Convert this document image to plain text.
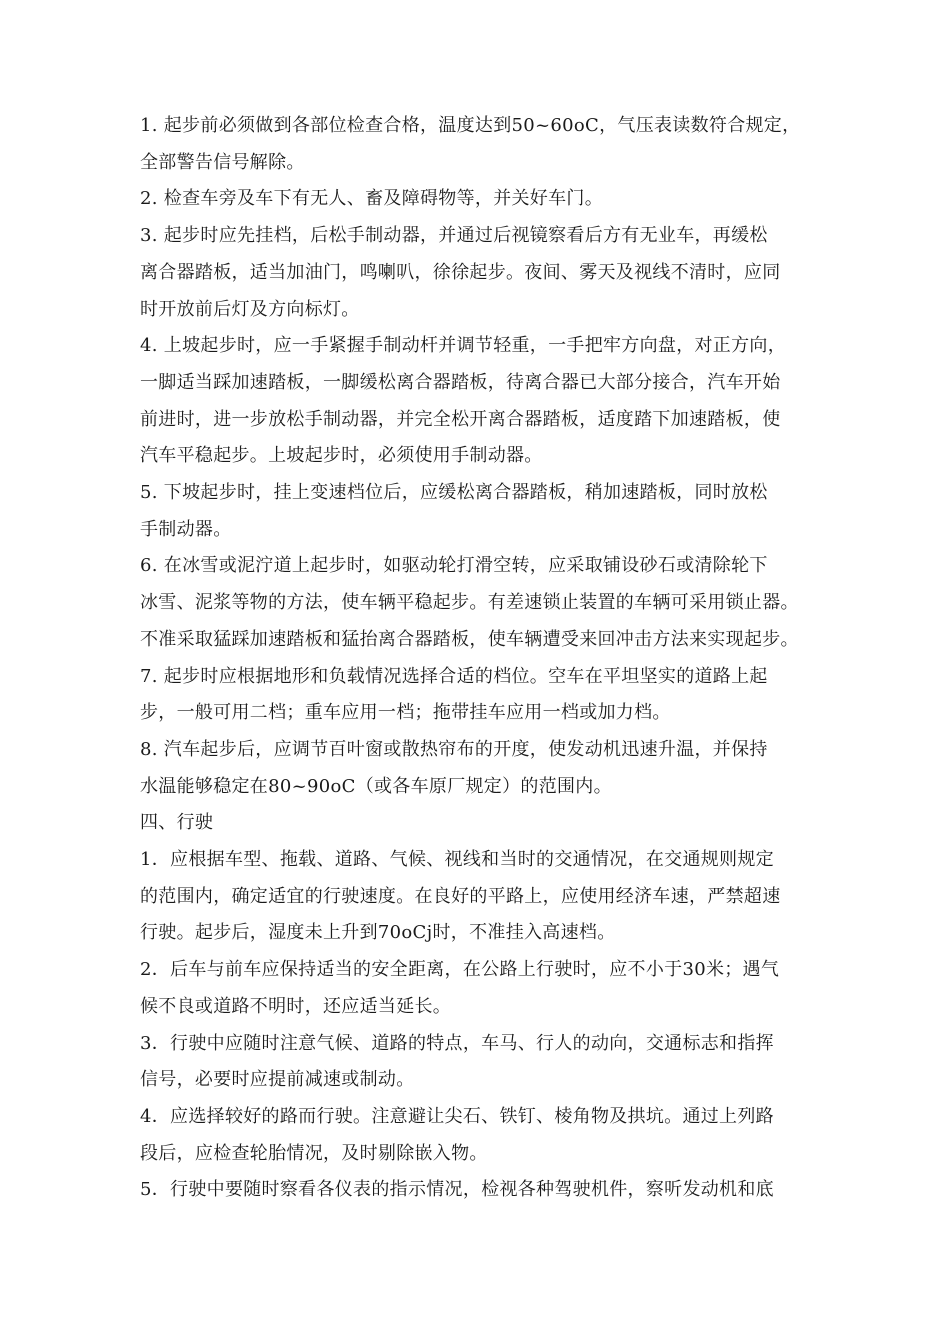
1. 起步前必须做到各部位检查合格，温度达到50~60oC，气压表读数符合规定，
全部警告信号解除。
2. 检查车旁及车下有无人、畜及障碍物等，并关好车门。
3. 起步时应先挂档，后松手制动器，并通过后视镜察看后方有无业车，再缓松
离合器踏板，适当加油门，鸣喇叭，徐徐起步。夜间、雾天及视线不清时，应同
时开放前后灯及方向标灯。
4. 上坡起步时，应一手紧握手制动杆并调节轻重，一手把牢方向盘，对正方向，
一脚适当踩加速踏板，一脚缓松离合器踏板，待离合器已大部分接合，汽车开始
前进时，进一步放松手制动器，并完全松开离合器踏板，适度踏下加速踏板，使
汽车平稳起步。上坡起步时，必须使用手制动器。
5. 下坡起步时，挂上变速档位后，应缓松离合器踏板，稍加速踏板，同时放松
手制动器。
6. 在冰雪或泥泞道上起步时，如驱动轮打滑空转，应采取铺设砂石或清除轮下
冰雪、泥浆等物的方法，使车辆平稳起步。有差速锁止装置的车辆可采用锁止器。
不准采取猛踩加速踏板和猛抬离合器踏板，使车辆遭受来回冲击方法来实现起步。
7. 起步时应根据地形和负载情况选择合适的档位。空车在平坦坚实的道路上起
步，一般可用二档；重车应用一档；拖带挂车应用一档或加力档。
8. 汽车起步后，应调节百叶窗或散热帘布的开度，使发动机迅速升温，并保持
水温能够稳定在80~90oC（或各车原厂规定）的范围内。
四、行驶
1．应根据车型、拖载、道路、气候、视线和当时的交通情况，在交通规则规定
的范围内，确定适宜的行驶速度。在良好的平路上，应使用经济车速，严禁超速
行驶。起步后，湿度未上升到70oCj时，不准挂入高速档。
2．后车与前车应保持适当的安全距离，在公路上行驶时，应不小于30米；遇气
候不良或道路不明时，还应适当延长。
3．行驶中应随时注意气候、道路的特点，车马、行人的动向，交通标志和指挥
信号，必要时应提前减速或制动。
4．应选择较好的路而行驶。注意避让尖石、铁钉、棱角物及拱坑。通过上列路
段后，应检查轮胎情况，及时剔除嵌入物。
5．行驶中要随时察看各仪表的指示情况，检视各种驾驶机件，察听发动机和底
